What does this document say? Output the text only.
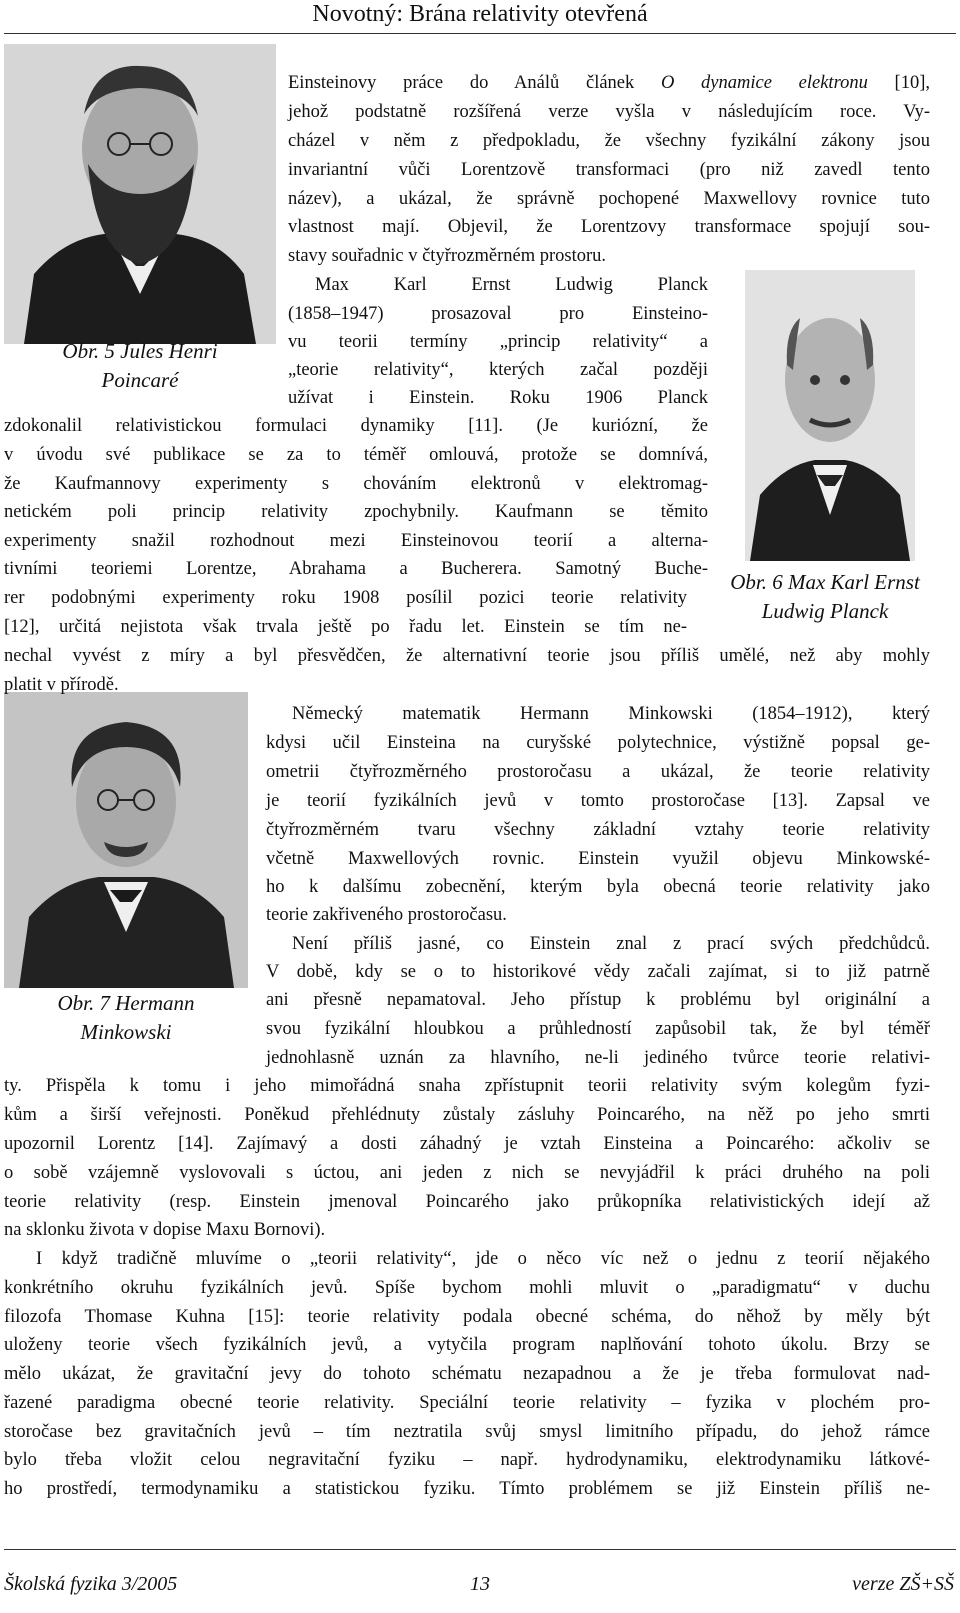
Novotný: Brána relativity otevřená
Obr. 5 Jules Henri
Poincaré
Obr. 6 Max Karl Ernst
Ludwig Planck
Obr. 7 Hermann
Minkowski
Einsteinovy práce do Análů článek O dynamice elektronu [10],
jehož podstatně rozšířená verze vyšla v následujícím roce. Vy-
cházel v něm z předpokladu, že všechny fyzikální zákony jsou
invariantní vůči Lorentzově transformaci (pro niž zavedl tento
název), a ukázal, že správně pochopené Maxwellovy rovnice tuto
vlastnost mají. Objevil, že Lorentzovy transformace spojují sou-
stavy souřadnic v čtyřrozměrném prostoru.
Max Karl Ernst Ludwig Planck
(1858–1947) prosazoval pro Einsteino-
vu teorii termíny „princip relativity“ a
„teorie relativity“, kterých začal později
užívat i Einstein. Roku 1906 Planck
zdokonalil relativistickou formulaci dynamiky [11]. (Je kuriózní, že
v úvodu své publikace se za to téměř omlouvá, protože se domnívá,
že Kaufmannovy experimenty s chováním elektronů v elektromag-
netickém poli princip relativity zpochybnily. Kaufmann se těmito
experimenty snažil rozhodnout mezi Einsteinovou teorií a alterna-
tivními teoriemi Lorentze, Abrahama a Bucherera. Samotný Buche-
rer podobnými experimenty roku 1908 posílil pozici teorie relativity
[12], určitá nejistota však trvala ještě po řadu let. Einstein se tím ne-
nechal vyvést z míry a byl přesvědčen, že alternativní teorie jsou příliš umělé, než aby mohly
platit v přírodě.
Německý matematik Hermann Minkowski (1854–1912), který
kdysi učil Einsteina na curyšské polytechnice, výstižně popsal ge-
ometrii čtyřrozměrného prostoročasu a ukázal, že teorie relativity
je teorií fyzikálních jevů v tomto prostoročase [13]. Zapsal ve
čtyřrozměrném tvaru všechny základní vztahy teorie relativity
včetně Maxwellových rovnic. Einstein využil objevu Minkowské-
ho k dalšímu zobecnění, kterým byla obecná teorie relativity jako
teorie zakřiveného prostoročasu.
Není příliš jasné, co Einstein znal z prací svých předchůdců.
V době, kdy se o to historikové vědy začali zajímat, si to již patrně
ani přesně nepamatoval. Jeho přístup k problému byl originální a
svou fyzikální hloubkou a průhledností zapůsobil tak, že byl téměř
jednohlasně uznán za hlavního, ne-li jediného tvůrce teorie relativi-
ty. Přispěla k tomu i jeho mimořádná snaha zpřístupnit teorii relativity svým kolegům fyzi-
kům a širší veřejnosti. Poněkud přehlédnuty zůstaly zásluhy Poincarého, na něž po jeho smrti
upozornil Lorentz [14]. Zajímavý a dosti záhadný je vztah Einsteina a Poincarého: ačkoliv se
o sobě vzájemně vyslovovali s úctou, ani jeden z nich se nevyjádřil k práci druhého na poli
teorie relativity (resp. Einstein jmenoval Poincarého jako průkopníka relativistických idejí až
na sklonku života v dopise Maxu Bornovi).
I když tradičně mluvíme o „teorii relativity“, jde o něco víc než o jednu z teorií nějakého
konkrétního okruhu fyzikálních jevů. Spíše bychom mohli mluvit o „paradigmatu“ v duchu
filozofa Thomase Kuhna [15]: teorie relativity podala obecné schéma, do něhož by měly být
uloženy teorie všech fyzikálních jevů, a vytyčila program naplňování tohoto úkolu. Brzy se
mělo ukázat, že gravitační jevy do tohoto schématu nezapadnou a že je třeba formulovat nad-
řazené paradigma obecné teorie relativity. Speciální teorie relativity – fyzika v plochém pro-
storočase bez gravitačních jevů – tím neztratila svůj smysl limitního případu, do jehož rámce
bylo třeba vložit celou negravitační fyziku – např. hydrodynamiku, elektrodynamiku látkové-
ho prostředí, termodynamiku a statistickou fyziku. Tímto problémem se již Einstein příliš ne-
Školská fyzika 3/2005	13	verze ZŠ+SŠ
